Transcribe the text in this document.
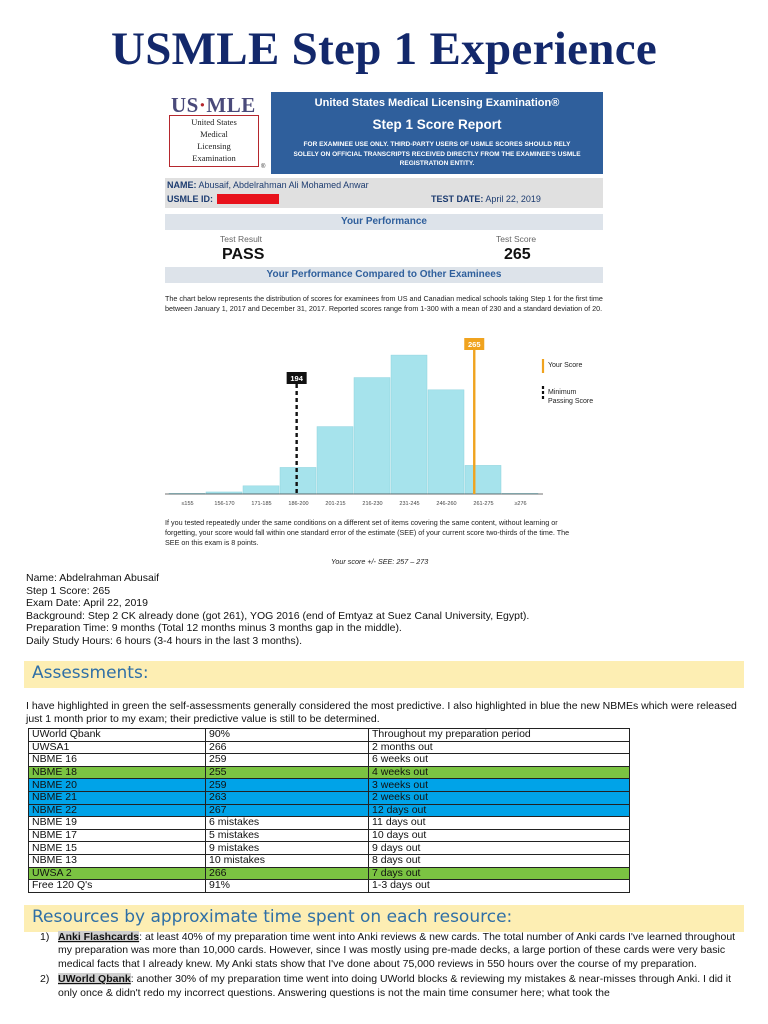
USMLE Step 1 Experience
US·MLE
United States
Medical
Licensing
Examination
®
United States Medical Licensing Examination®
Step 1 Score Report
FOR EXAMINEE USE ONLY. THIRD-PARTY USERS OF USMLE SCORES SHOULD RELY SOLELY ON OFFICIAL TRANSCRIPTS RECEIVED DIRECTLY FROM THE EXAMINEE'S USMLE REGISTRATION ENTITY.
NAME: Abusaif, Abdelrahman Ali Mohamed Anwar
USMLE ID:	TEST DATE: April 22, 2019
Your Performance
Test Result
PASS
Test Score
265
Your Performance Compared to Other Examinees
The chart below represents the distribution of scores for examinees from US and Canadian medical schools taking Step 1 for the first time between January 1, 2017 and December 31, 2017. Reported scores range from 1-300 with a mean of 230 and a standard deviation of 20.
≤155	156-170	171-185	186-200	201-215	216-230	231-245	246-260	261-275	≥276
194
265
Your Score
Minimum
Passing Score
If you tested repeatedly under the same conditions on a different set of items covering the same content, without learning or forgetting, your score would fall within one standard error of the estimate (SEE) of your current score two-thirds of the time. The SEE on this exam is 8 points.
Your score +/- SEE: 257 – 273
Name: Abdelrahman Abusaif
Step 1 Score: 265
Exam Date: April 22, 2019
Background: Step 2 CK already done (got 261), YOG 2016 (end of Emtyaz at Suez Canal University, Egypt).
Preparation Time: 9 months (Total 12 months minus 3 months gap in the middle).
Daily Study Hours: 6 hours (3-4 hours in the last 3 months).
Assessments:
I have highlighted in green the self-assessments generally considered the most predictive. I also highlighted in blue the new NBMEs which were released just 1 month prior to my exam; their predictive value is still to be determined.
UWorld Qbank	90%	Throughout my preparation period
UWSA1	266	2 months out
NBME 16	259	6 weeks out
NBME 18	255	4 weeks out
NBME 20	259	3 weeks out
NBME 21	263	2 weeks out
NBME 22	267	12 days out
NBME 19	6 mistakes	11 days out
NBME 17	5 mistakes	10 days out
NBME 15	9 mistakes	9 days out
NBME 13	10 mistakes	8 days out
UWSA 2	266	7 days out
Free 120 Q's	91%	1-3 days out
Resources by approximate time spent on each resource:
1) Anki Flashcards: at least 40% of my preparation time went into Anki reviews & new cards. The total number of Anki cards I've learned throughout my preparation was more than 10,000 cards. However, since I was mostly using pre-made decks, a large portion of these cards were very basic medical facts that I already knew. My Anki stats show that I've done about 75,000 reviews in 550 hours over the course of my preparation.
2) UWorld Qbank: another 30% of my preparation time went into doing UWorld blocks & reviewing my mistakes & near-misses through Anki. I did it only once & didn't redo my incorrect questions. Answering questions is not the main time consumer here; what took the
